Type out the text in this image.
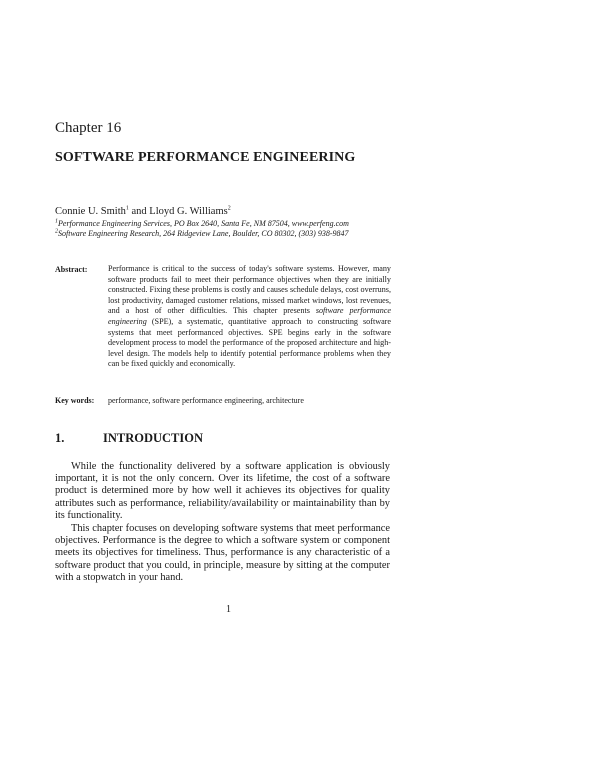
Chapter 16
SOFTWARE PERFORMANCE ENGINEERING
Connie U. Smith$^1$ and Lloyd G. Williams$^2$
$^1$Performance Engineering Services, PO Box 2640, Santa Fe, NM 87504, www.perfeng.com
$^2$Software Engineering Research, 264 Ridgeview Lane, Boulder, CO 80302, (303) 938-9847
Abstract:	Performance is critical to the success of today's software systems. However, many software products fail to meet their performance objectives when they are initially constructed. Fixing these problems is costly and causes schedule delays, cost overruns, lost productivity, damaged customer relations, missed market windows, lost revenues, and a host of other difficulties. This chapter presents software performance engineering (SPE), a systematic, quantitative approach to constructing software systems that meet performanced objectives. SPE begins early in the software development process to model the performance of the proposed architecture and high-level design. The models help to identify potential performance problems when they can be fixed quickly and economically.
Key words: performance, software performance engineering, architecture
1.	INTRODUCTION
While the functionality delivered by a software application is obviously important, it is not the only concern. Over its lifetime, the cost of a software product is determined more by how well it achieves its objectives for quality attributes such as performance, reliability/availability or maintainability than by its functionality.
This chapter focuses on developing software systems that meet performance objectives. Performance is the degree to which a software system or component meets its objectives for timeliness. Thus, performance is any characteristic of a software product that you could, in principle, measure by sitting at the computer with a stopwatch in your hand.
1
